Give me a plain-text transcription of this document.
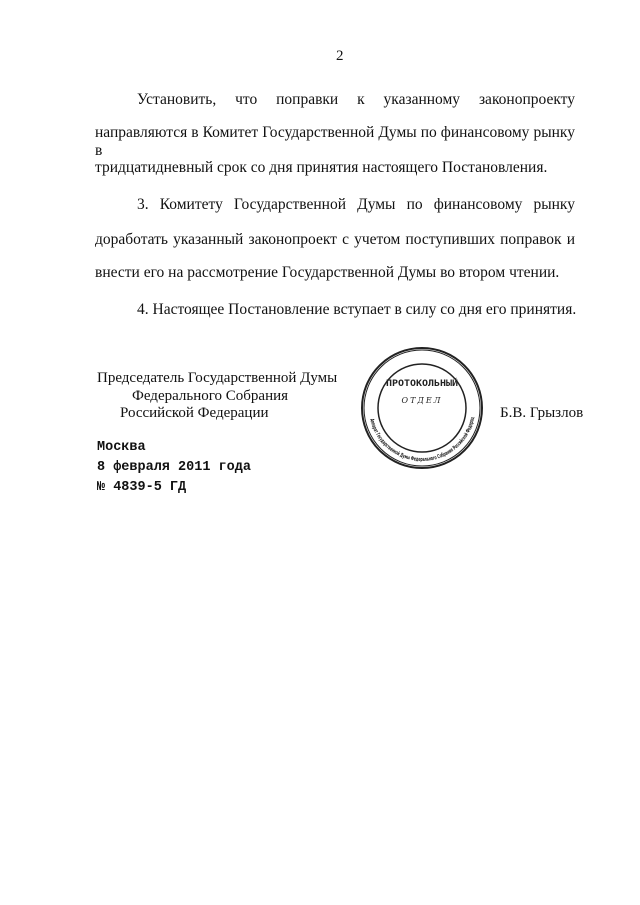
2
Установить, что поправки к указанному законопроекту
направляются в Комитет Государственной Думы по финансовому рынку в
тридцатидневный срок со дня принятия настоящего Постановления.
3. Комитету Государственной Думы по финансовому рынку
доработать указанный законопроект с учетом поступивших поправок и
внести его на рассмотрение Государственной Думы во втором чтении.
4. Настоящее Постановление вступает в силу со дня его принятия.
Председатель Государственной Думы
Федерального Собрания
Российской Федерации	Б.В. Грызлов
Аппарат Государственной Думы Федерального Собрания Российской Федерац
ПРОТОКОЛЬНЫЙ
ОТДЕЛ
Москва
8 февраля 2011 года
№ 4839-5 ГД
